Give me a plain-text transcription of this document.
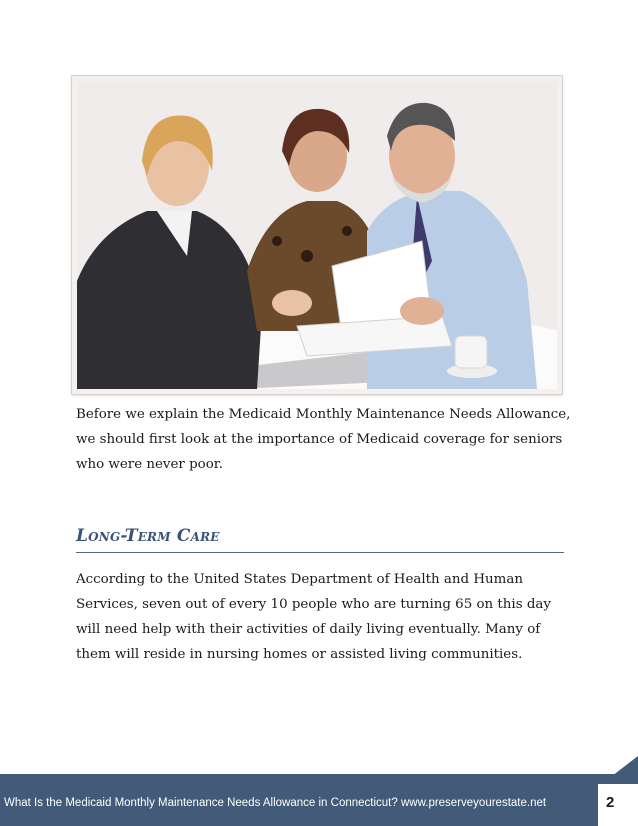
Before we explain the Medicaid Monthly Maintenance Needs Allowance, we should first look at the importance of Medicaid coverage for seniors who were never poor.

Long-Term Care

According to the United States Department of Health and Human Services, seven out of every 10 people who are turning 65 on this day will need help with their activities of daily living eventually. Many of them will reside in nursing homes or assisted living communities.

What Is the Medicaid Monthly Maintenance Needs Allowance in Connecticut? www.preserveyourestate.net	2
